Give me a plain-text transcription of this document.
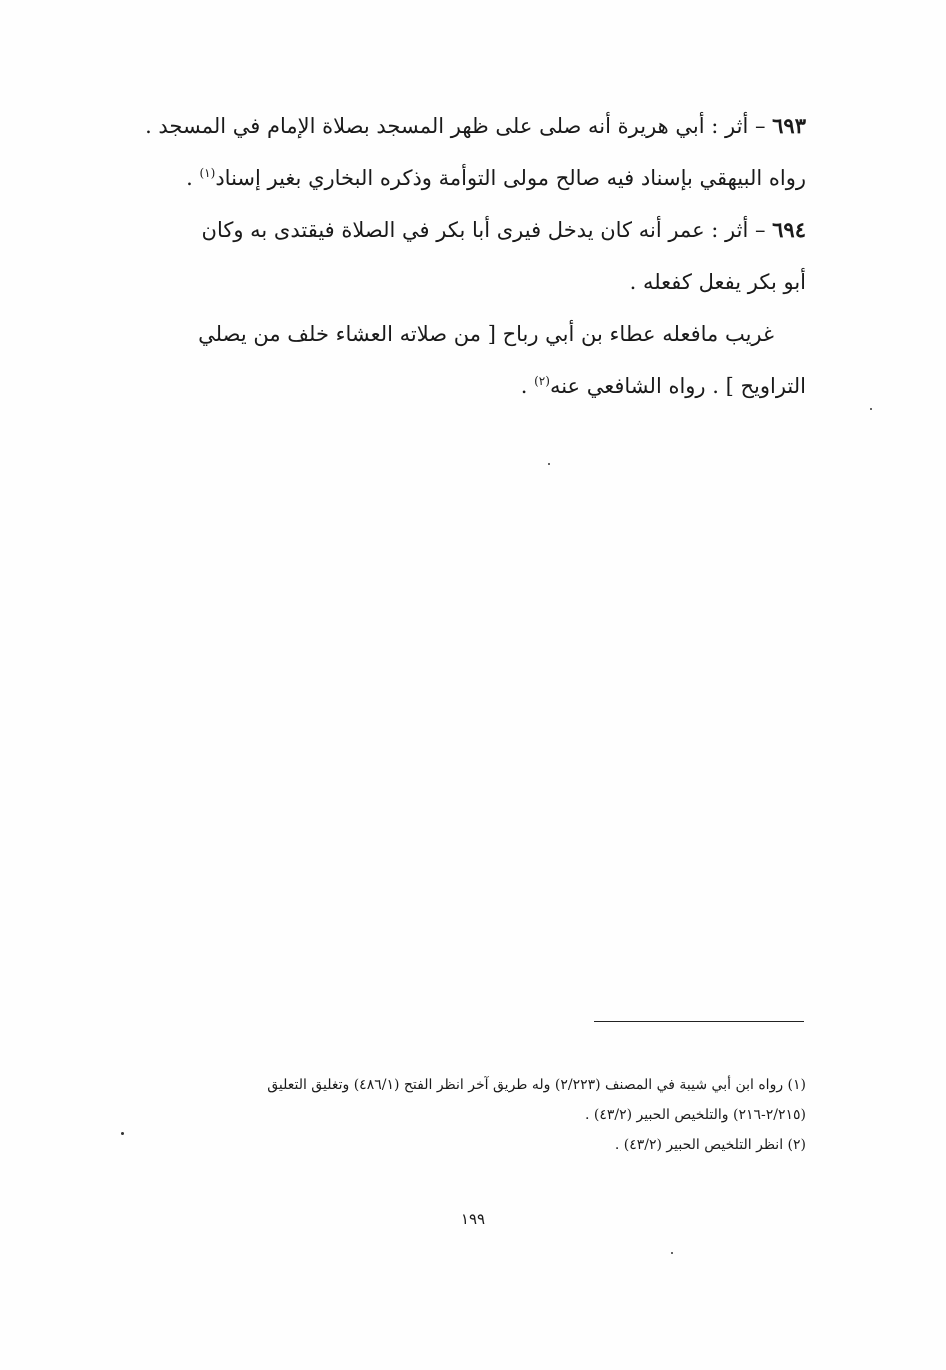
٦٩٣ – أثر : أبي هريرة أنه صلى على ظهر المسجد بصلاة الإمام في المسجد .

رواه البيهقي بإسناد فيه صالح مولى التوأمة وذكره البخاري بغير إسناد$^{(١)}$ .

٦٩٤ – أثر : عمر أنه كان يدخل فيرى أبا بكر في الصلاة فيقتدى به وكان

أبو بكر يفعل كفعله .

غريب مافعله عطاء بن أبي رباح [ من صلاته العشاء خلف من يصلي

التراويح ] . رواه الشافعي عنه$^{(٢)}$ .

(١) رواه ابن أبي شيبة في المصنف (٢/٢٢٣) وله طريق آخر انظر الفتح (٤٨٦/١) وتغليق التعليق

(٢/٢١٥-٢١٦) والتلخيص الحبير (٤٣/٢) .

(٢) انظر التلخيص الحبير (٤٣/٢) .

١٩٩
